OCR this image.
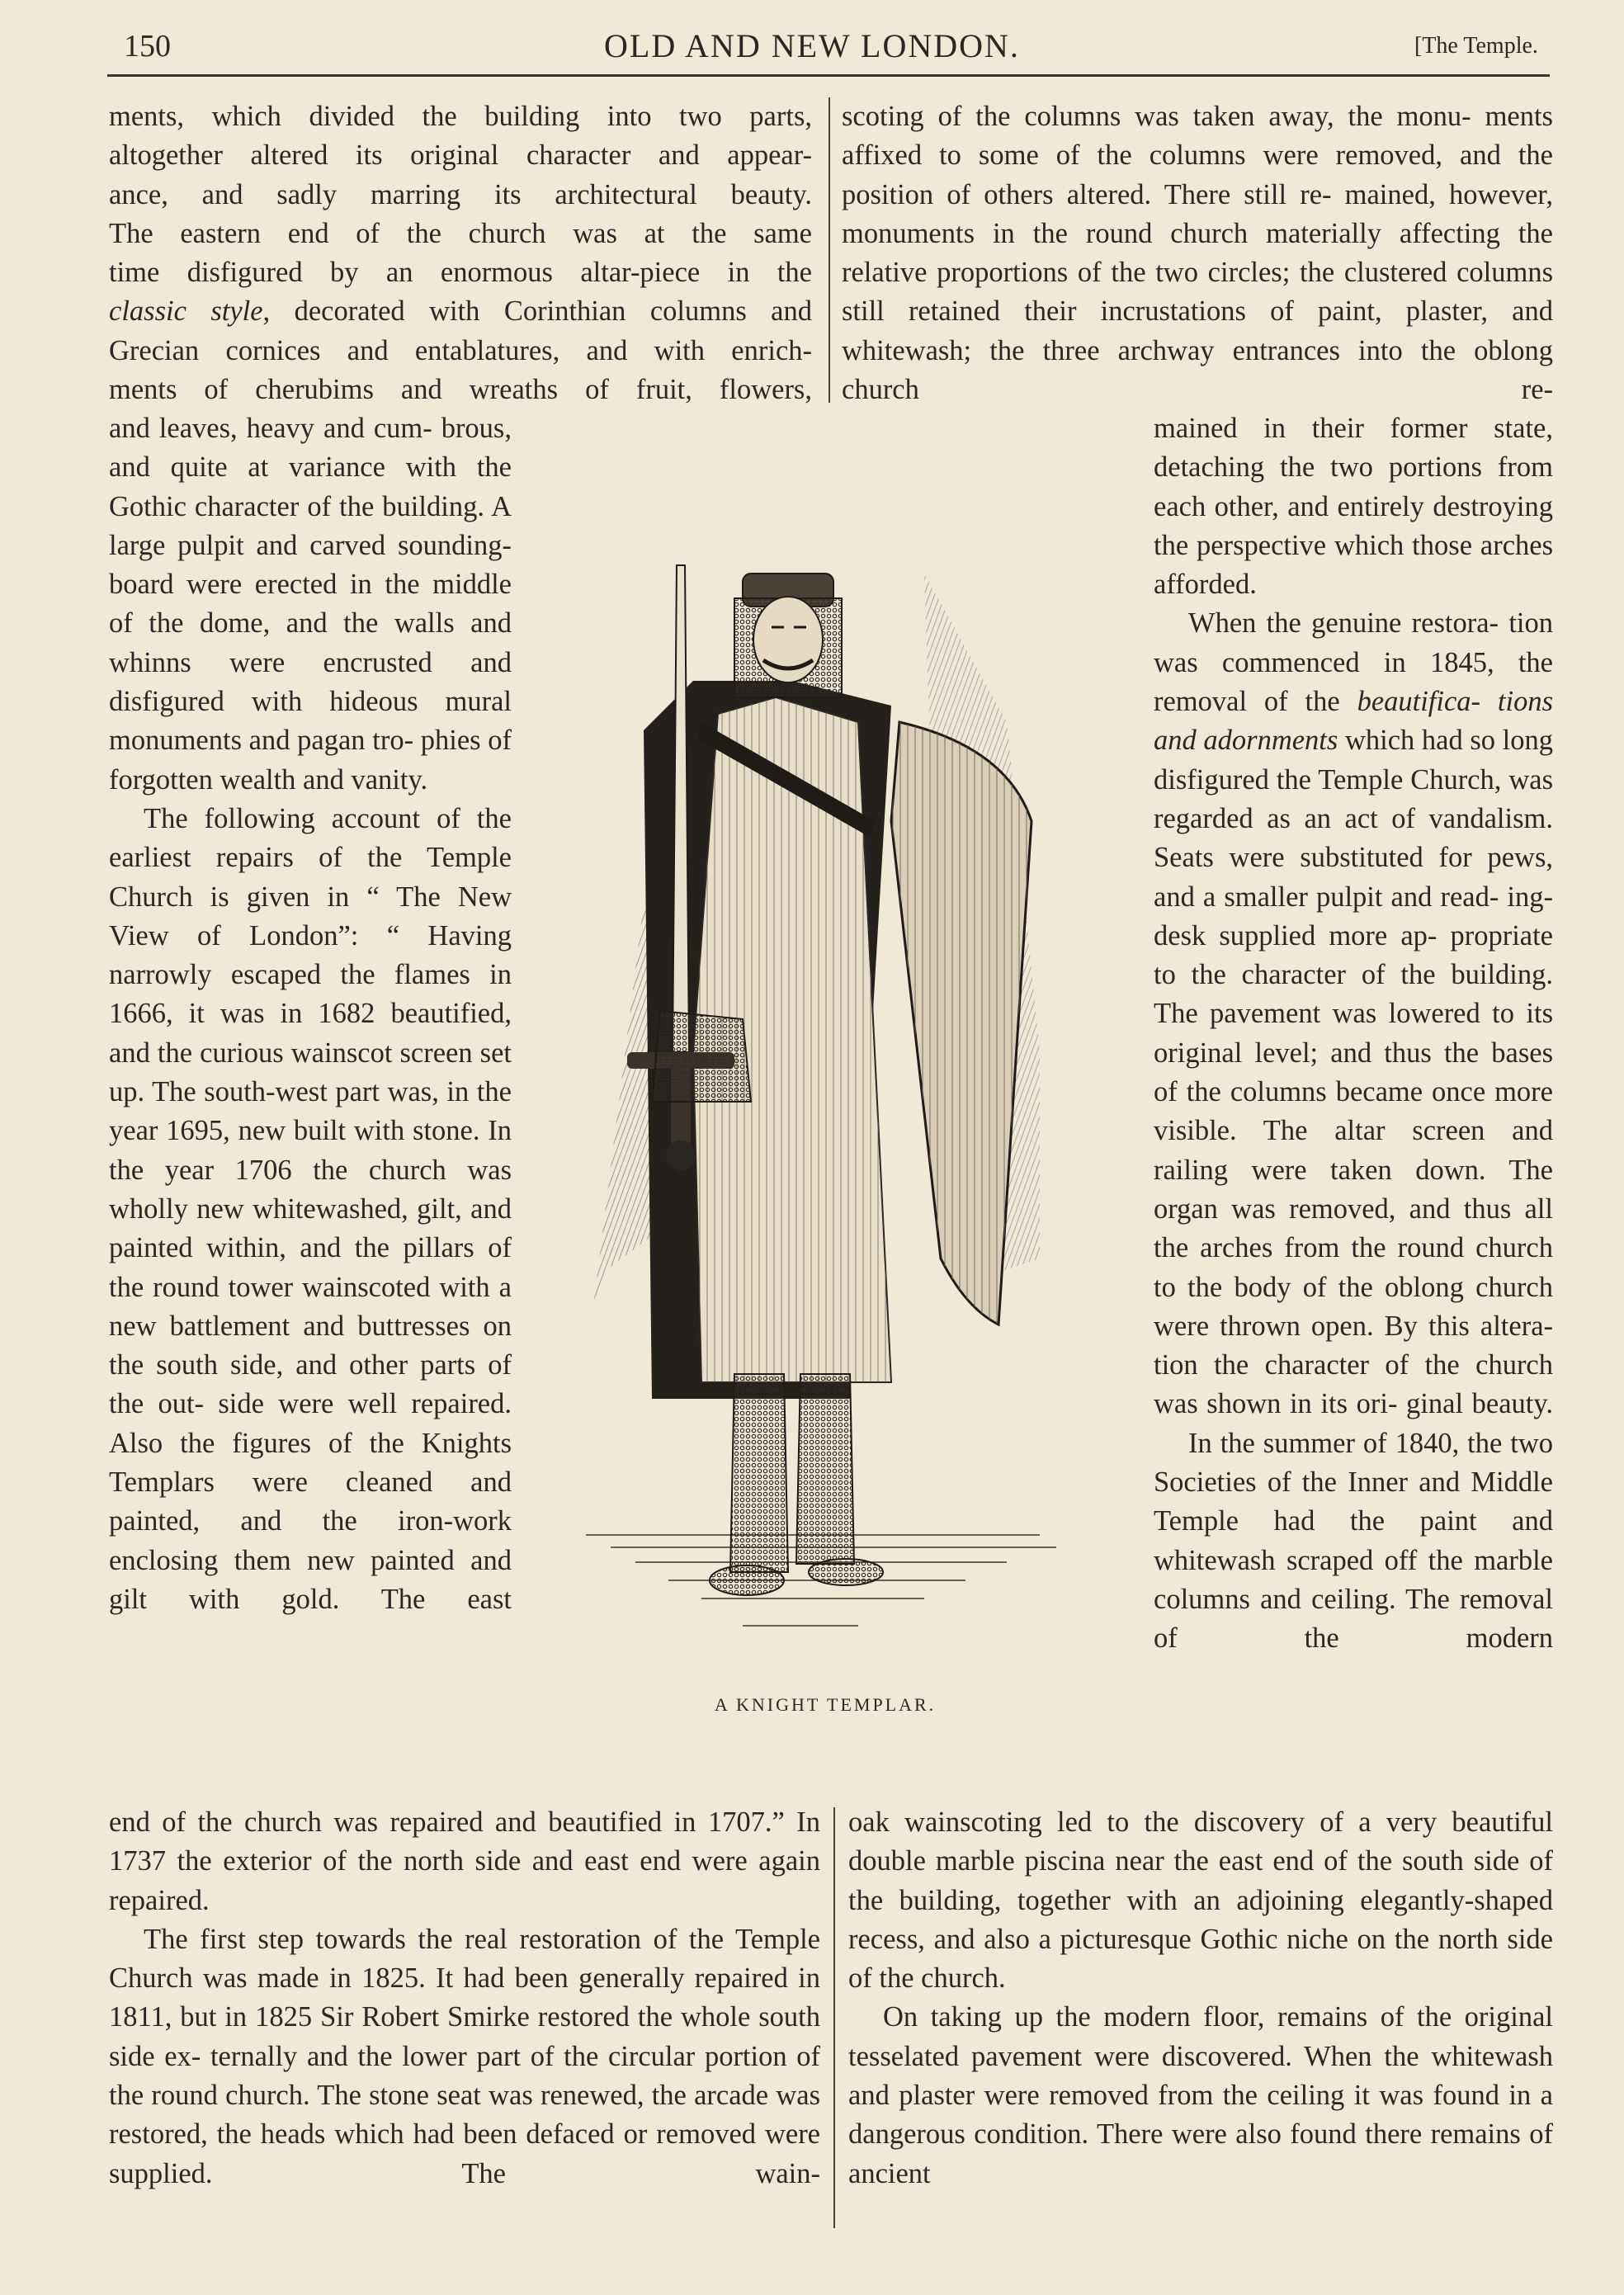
150	OLD AND NEW LONDON.	[The Temple.

ments, which divided the building into two parts,

altogether altered its original character and appear-

ance, and sadly marring its architectural beauty.

The eastern end of the church was at the same

time disfigured by an enormous altar-piece in the

classic style, decorated with Corinthian columns and

Grecian cornices and entablatures, and with enrich-

ments of cherubims and wreaths of fruit, flowers,

and leaves, heavy and cum- brous, and quite at variance with the Gothic character of the building. A large pulpit and carved sounding-board were erected in the middle of the dome, and the walls and whinns were encrusted and disfigured with hideous mural monuments and pagan tro- phies of forgotten wealth and vanity.

The following account of the earliest repairs of the Temple Church is given in “ The New View of London”: “ Having narrowly escaped the flames in 1666, it was in 1682 beautified, and the curious wainscot screen set up. The south-west part was, in the year 1695, new built with stone. In the year 1706 the church was wholly new whitewashed, gilt, and painted within, and the pillars of the round tower wainscoted with a new battlement and buttresses on the south side, and other parts of the out- side were well repaired. Also the figures of the Knights Templars were cleaned and painted, and the iron-work enclosing them new painted and gilt with gold. The east

end of the church was repaired and beautified in 1707.” In 1737 the exterior of the north side and east end were again repaired.

The first step towards the real restoration of the Temple Church was made in 1825. It had been generally repaired in 1811, but in 1825 Sir Robert Smirke restored the whole south side ex- ternally and the lower part of the circular portion of the round church. The stone seat was renewed, the arcade was restored, the heads which had been defaced or removed were supplied. The wain-

scoting of the columns was taken away, the monu- ments affixed to some of the columns were removed, and the position of others altered. There still re- mained, however, monuments in the round church materially affecting the relative proportions of the two circles; the clustered columns still retained their incrustations of paint, plaster, and whitewash; the three archway entrances into the oblong church re-

mained in their former state, detaching the two portions from each other, and entirely destroying the perspective which those arches afforded.

When the genuine restora- tion was commenced in 1845, the removal of the beautifica- tions and adornments which had so long disfigured the Temple Church, was regarded as an act of vandalism. Seats were substituted for pews, and a smaller pulpit and read- ing-desk supplied more ap- propriate to the character of the building. The pavement was lowered to its original level; and thus the bases of the columns became once more visible. The altar screen and railing were taken down. The organ was removed, and thus all the arches from the round church to the body of the oblong church were thrown open. By this altera- tion the character of the church was shown in its ori- ginal beauty.

In the summer of 1840, the two Societies of the Inner and Middle Temple had the paint and whitewash scraped off the marble columns and ceiling. The removal of the modern

oak wainscoting led to the discovery of a very beautiful double marble piscina near the east end of the south side of the building, together with an adjoining elegantly-shaped recess, and also a picturesque Gothic niche on the north side of the church.

On taking up the modern floor, remains of the original tesselated pavement were discovered. When the whitewash and plaster were removed from the ceiling it was found in a dangerous condition. There were also found there remains of ancient

A KNIGHT TEMPLAR.
